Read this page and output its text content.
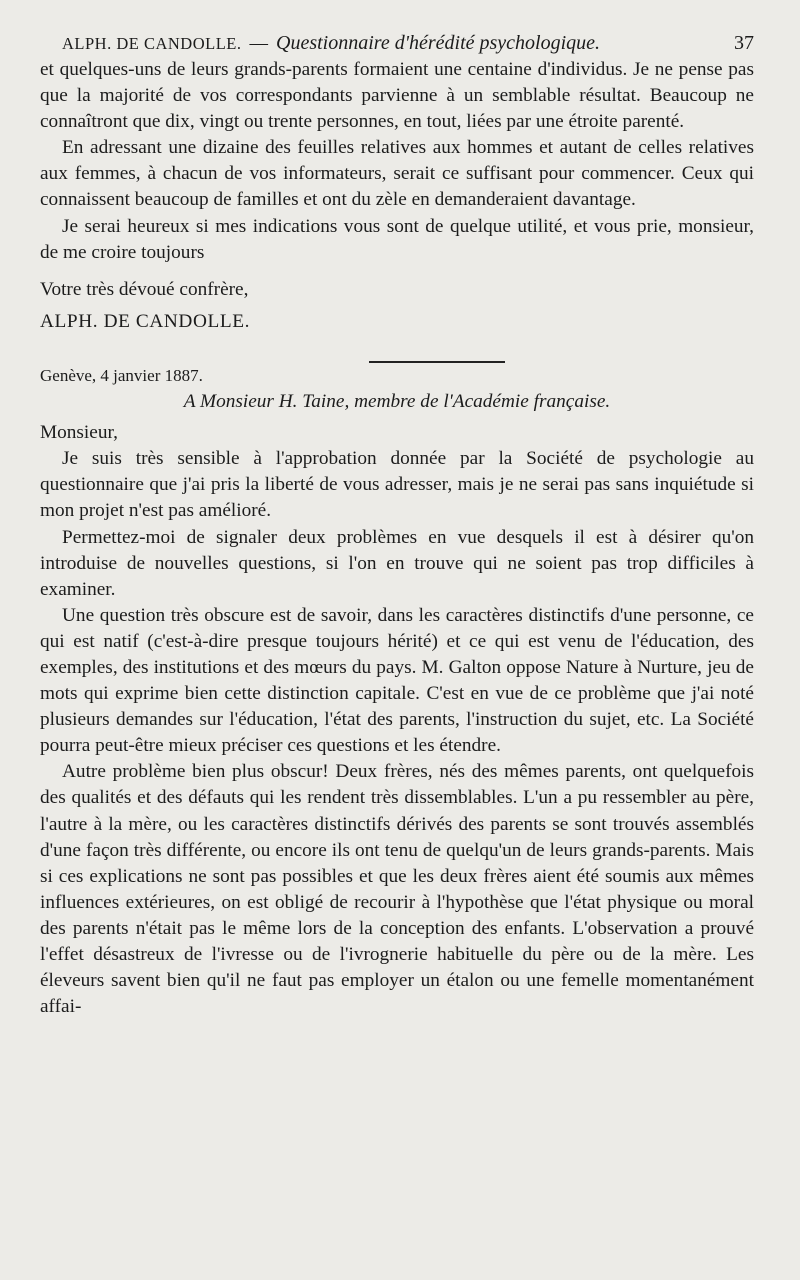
ALPH. DE CANDOLLE. — Questionnaire d'hérédité psychologique.	37

et quelques-uns de leurs grands-parents formaient une centaine d'individus. Je ne pense pas que la majorité de vos correspondants parvienne à un semblable résultat. Beaucoup ne connaîtront que dix, vingt ou trente personnes, en tout, liées par une étroite parenté.

En adressant une dizaine des feuilles relatives aux hommes et autant de celles relatives aux femmes, à chacun de vos informateurs, serait ce suffisant pour commencer. Ceux qui connaissent beaucoup de familles et ont du zèle en demanderaient davantage.

Je serai heureux si mes indications vous sont de quelque utilité, et vous prie, monsieur, de me croire toujours

Votre très dévoué confrère,

ALPH. DE CANDOLLE.

Genève, 4 janvier 1887.

A Monsieur H. Taine, membre de l'Académie française.

Monsieur,

Je suis très sensible à l'approbation donnée par la Société de psychologie au questionnaire que j'ai pris la liberté de vous adresser, mais je ne serai pas sans inquiétude si mon projet n'est pas amélioré.

Permettez-moi de signaler deux problèmes en vue desquels il est à désirer qu'on introduise de nouvelles questions, si l'on en trouve qui ne soient pas trop difficiles à examiner.

Une question très obscure est de savoir, dans les caractères distinctifs d'une personne, ce qui est natif (c'est-à-dire presque toujours hérité) et ce qui est venu de l'éducation, des exemples, des institutions et des mœurs du pays. M. Galton oppose Nature à Nurture, jeu de mots qui exprime bien cette distinction capitale. C'est en vue de ce problème que j'ai noté plusieurs demandes sur l'éducation, l'état des parents, l'instruction du sujet, etc. La Société pourra peut-être mieux préciser ces questions et les étendre.

Autre problème bien plus obscur! Deux frères, nés des mêmes parents, ont quelquefois des qualités et des défauts qui les rendent très dissemblables. L'un a pu ressembler au père, l'autre à la mère, ou les caractères distinctifs dérivés des parents se sont trouvés assemblés d'une façon très différente, ou encore ils ont tenu de quelqu'un de leurs grands-parents. Mais si ces explications ne sont pas possibles et que les deux frères aient été soumis aux mêmes influences extérieures, on est obligé de recourir à l'hypothèse que l'état physique ou moral des parents n'était pas le même lors de la conception des enfants. L'observation a prouvé l'effet désastreux de l'ivresse ou de l'ivrognerie habituelle du père ou de la mère. Les éleveurs savent bien qu'il ne faut pas employer un étalon ou une femelle momentanément affai-
